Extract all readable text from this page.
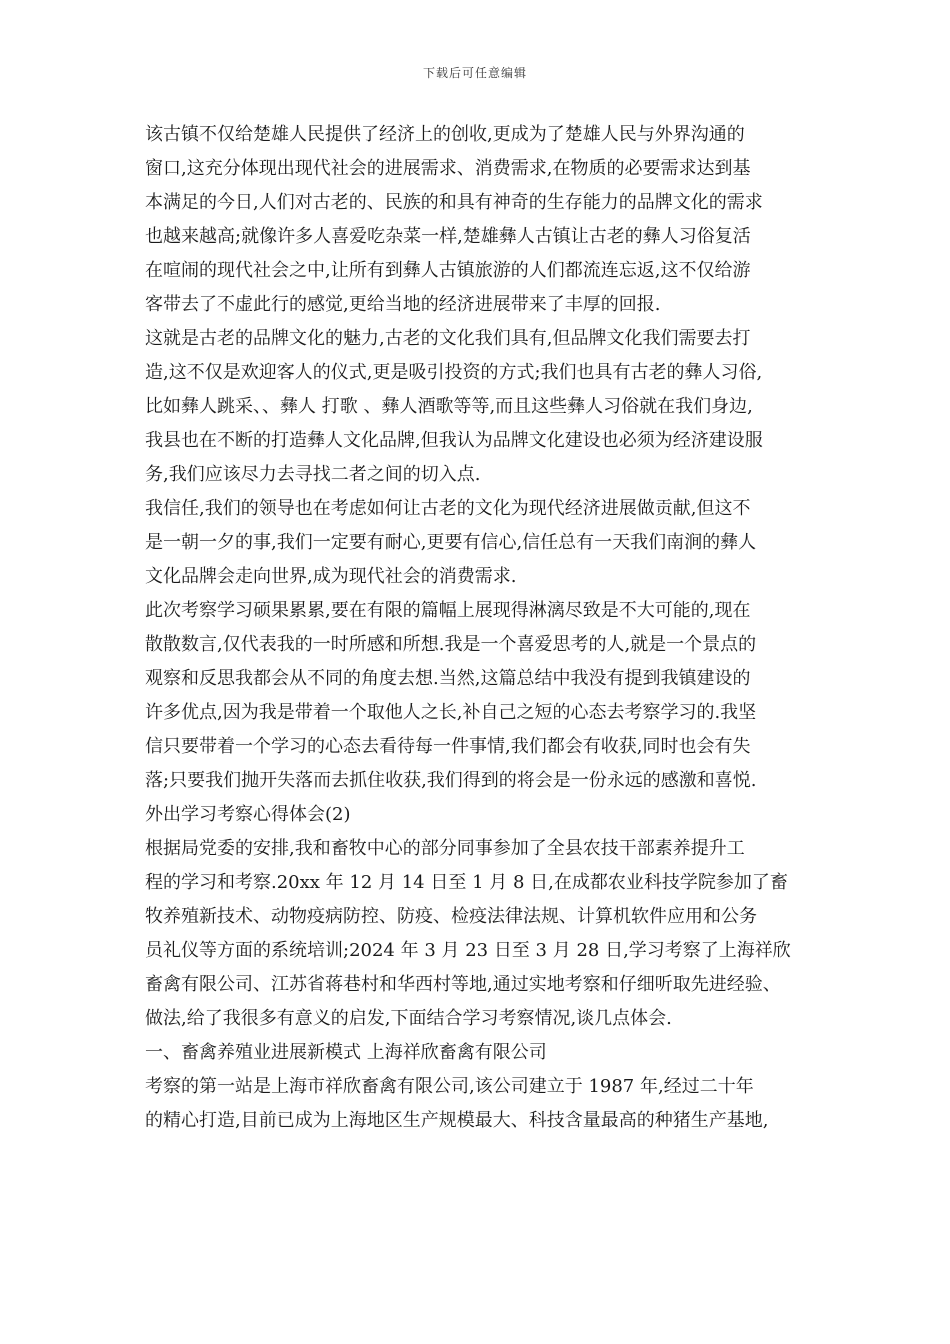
下载后可任意编辑
该古镇不仅给楚雄人民提供了经济上的创收,更成为了楚雄人民与外界沟通的
窗口,这充分体现出现代社会的进展需求、消费需求,在物质的必要需求达到基
本满足的今日,人们对古老的、民族的和具有神奇的生存能力的品牌文化的需求
也越来越高;就像许多人喜爱吃杂菜一样,楚雄彝人古镇让古老的彝人习俗复活
在喧闹的现代社会之中,让所有到彝人古镇旅游的人们都流连忘返,这不仅给游
客带去了不虚此行的感觉,更给当地的经济进展带来了丰厚的回报.
这就是古老的品牌文化的魅力,古老的文化我们具有,但品牌文化我们需要去打
造,这不仅是欢迎客人的仪式,更是吸引投资的方式;我们也具有古老的彝人习俗,
比如彝人跳采、、彝人 打歌 、彝人酒歌等等,而且这些彝人习俗就在我们身边,
我县也在不断的打造彝人文化品牌,但我认为品牌文化建设也必须为经济建设服
务,我们应该尽力去寻找二者之间的切入点.
我信任,我们的领导也在考虑如何让古老的文化为现代经济进展做贡献,但这不
是一朝一夕的事,我们一定要有耐心,更要有信心,信任总有一天我们南涧的彝人
文化品牌会走向世界,成为现代社会的消费需求.
此次考察学习硕果累累,要在有限的篇幅上展现得淋漓尽致是不大可能的,现在
散散数言,仅代表我的一时所感和所想.我是一个喜爱思考的人,就是一个景点的
观察和反思我都会从不同的角度去想.当然,这篇总结中我没有提到我镇建设的
许多优点,因为我是带着一个取他人之长,补自己之短的心态去考察学习的.我坚
信只要带着一个学习的心态去看待每一件事情,我们都会有收获,同时也会有失
落;只要我们抛开失落而去抓住收获,我们得到的将会是一份永远的感激和喜悦.
外出学习考察心得体会(2)
根据局党委的安排,我和畜牧中心的部分同事参加了全县农技干部素养提升工
程的学习和考察.20xx 年 12 月 14 日至 1 月 8 日,在成都农业科技学院参加了畜
牧养殖新技术、动物疫病防控、防疫、检疫法律法规、计算机软件应用和公务
员礼仪等方面的系统培训;2024 年 3 月 23 日至 3 月 28 日,学习考察了上海祥欣
畜禽有限公司、江苏省蒋巷村和华西村等地,通过实地考察和仔细听取先进经验、
做法,给了我很多有意义的启发,下面结合学习考察情况,谈几点体会.
一、畜禽养殖业进展新模式 上海祥欣畜禽有限公司
考察的第一站是上海市祥欣畜禽有限公司,该公司建立于 1987 年,经过二十年
的精心打造,目前已成为上海地区生产规模最大、科技含量最高的种猪生产基地,
